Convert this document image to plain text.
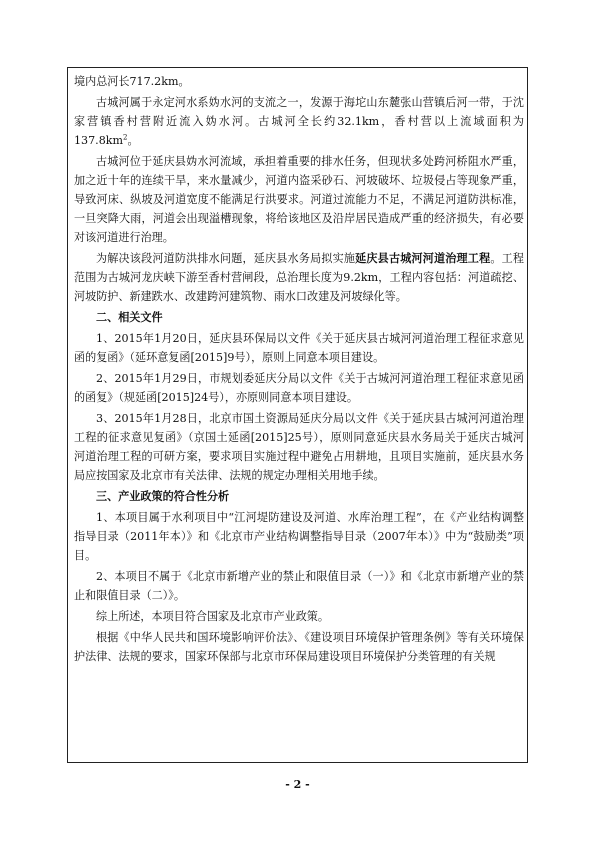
境内总河长717.2km。

古城河属于永定河水系妫水河的支流之一，发源于海坨山东麓张山营镇后河一带，于沈家营镇香村营附近流入妫水河。古城河全长约32.1km，香村营以上流域面积为$137.8km^2$。

古城河位于延庆县妫水河流域，承担着重要的排水任务，但现状多处跨河桥阻水严重，加之近十年的连续干旱，来水量减少，河道内盗采砂石、河坡破坏、垃圾侵占等现象严重，导致河床、纵坡及河道宽度不能满足行洪要求。河道过流能力不足，不满足河道防洪标准，一旦突降大雨，河道会出现溢槽现象，将给该地区及沿岸居民造成严重的经济损失，有必要对该河道进行治理。

为解决该段河道防洪排水问题，延庆县水务局拟实施延庆县古城河河道治理工程。工程范围为古城河龙庆峡下游至香村营闸段，总治理长度为9.2km，工程内容包括：河道疏挖、河坡防护、新建跌水、改建跨河建筑物、雨水口改建及河坡绿化等。

二、相关文件

1、2015年1月20日，延庆县环保局以文件《关于延庆县古城河河道治理工程征求意见函的复函》（延环意复函[2015]9号），原则上同意本项目建设。

2、2015年1月29日，市规划委延庆分局以文件《关于古城河河道治理工程征求意见函的函复》（规延函[2015]24号），亦原则同意本项目建设。

3、2015年1月28日，北京市国土资源局延庆分局以文件《关于延庆县古城河河道治理工程的征求意见复函》（京国土延函[2015]25号），原则同意延庆县水务局关于延庆古城河河道治理工程的可研方案，要求项目实施过程中避免占用耕地，且项目实施前，延庆县水务局应按国家及北京市有关法律、法规的规定办理相关用地手续。

三、产业政策的符合性分析

1、本项目属于水利项目中“江河堤防建设及河道、水库治理工程”，在《产业结构调整指导目录（2011年本）》和《北京市产业结构调整指导目录（2007年本）》中为“鼓励类”项目。

2、本项目不属于《北京市新增产业的禁止和限值目录（一）》和《北京市新增产业的禁止和限值目录（二）》。

综上所述，本项目符合国家及北京市产业政策。

根据《中华人民共和国环境影响评价法》、《建设项目环境保护管理条例》等有关环境保护法律、法规的要求，国家环保部与北京市环保局建设项目环境保护分类管理的有关规

- 2 -
